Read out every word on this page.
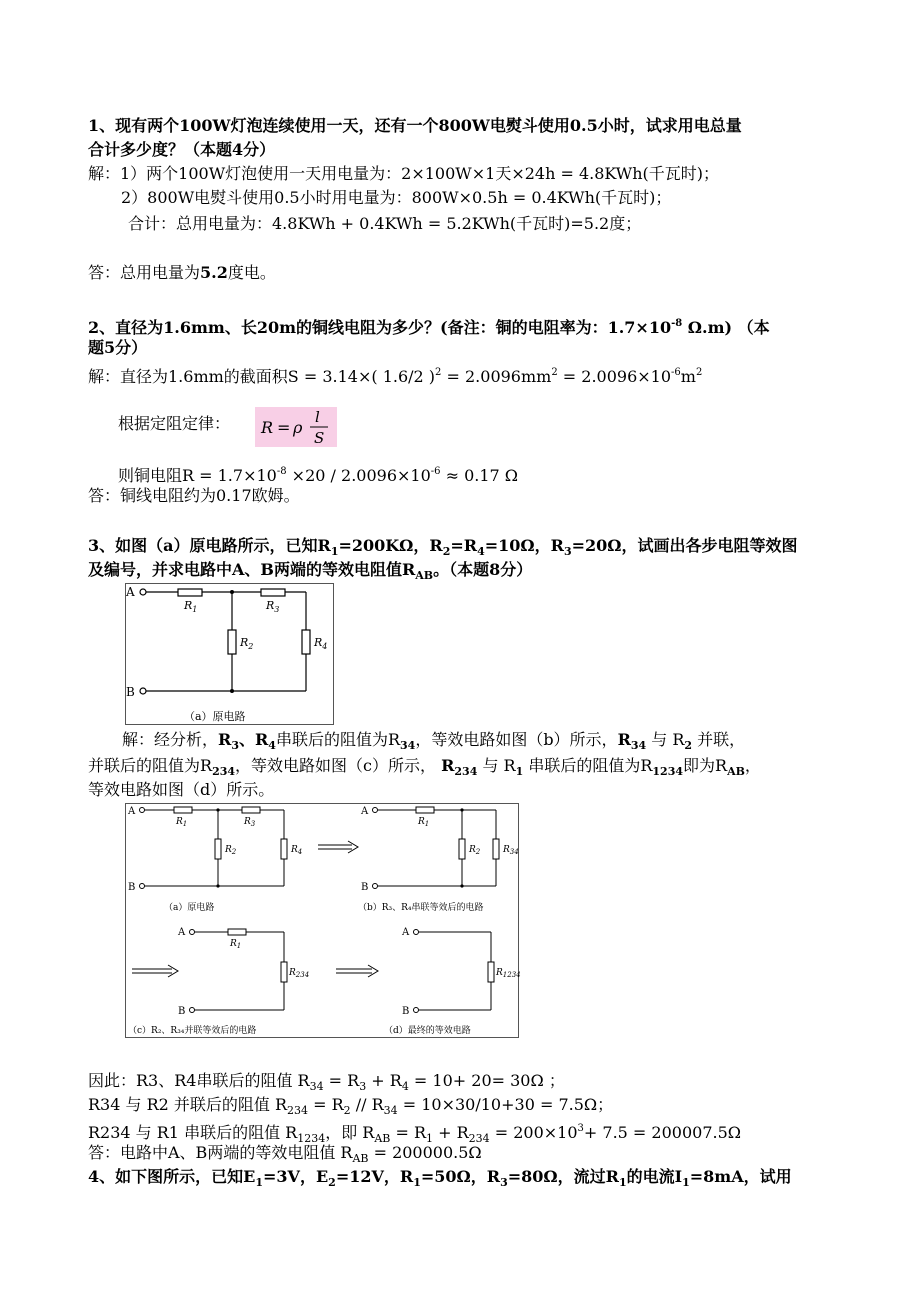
1、现有两个100W灯泡连续使用一天，还有一个800W电熨斗使用0.5小时，试求用电总量
合计多少度？（本题4分）
解：1）两个100W灯泡使用一天用电量为：2×100W×1天×24h = 4.8KWh(千瓦时)；
2）800W电熨斗使用0.5小时用电量为：800W×0.5h = 0.4KWh(千瓦时)；
合计：总用电量为：4.8KWh + 0.4KWh = 5.2KWh(千瓦时)=5.2度；
答：总用电量为5.2度电。
2、直径为1.6mm、长20m的铜线电阻为多少？(备注：铜的电阻率为：$1.7\times 10^{-8}$ Ω.m) （本
题5分）
解：直径为1.6mm的截面积S = 3.14×( 1.6/2 )$^2 = 2.0096mm^2 = 2.0096\times 10^{-6}m^2$
根据定阻定律： R = ρ
l
S
则铜电阻$R = 1.7\times 10^{-8} \times 20 / 2.0096\times 10^{-6} \approx 0.17$ Ω
答：铜线电阻约为0.17欧姆。
3、如图（a）原电路所示，已知$R_1=200K\Omega$，$R_2=R_4=10\Omega$，$R_3=20\Omega$，试画出各步电阻等效图
及编号，并求电路中A、B两端的等效电阻值$R_{AB}$。（本题8分）
A
B
$R_1$	$R_3$
$R_2$	$R_4$
（a）原电路
解：经分析，$R_3$、$R_4$串联后的阻值为$R_{34}$，等效电路如图（b）所示，$R_{34}$ 与 $R_2$ 并联，
并联后的阻值为$R_{234}$，等效电路如图（c）所示， $R_{234}$ 与 $R_1$ 串联后的阻值为$R_{1234}$即为$R_{AB}$，
等效电路如图（d）所示。
A
B
A
B
A
B
A
B
$R_1$	$R_3$
$R_2$	$R_4$
$R_1$
$R_2$	$R_{34}$
$R_1$
$R_{234}$	$R_{1234}$
（a）原电路	（b）R₃、R₄串联等效后的电路
（c）R₂、R₃₄并联等效后的电路	（d）最终的等效电路
因此：R3、R4串联后的阻值 $R_{34} = R_3 + R_4 = 10+ 20= 30\Omega$ ；
R34 与 R2 并联后的阻值 $R_{234} = R_2 // R_{34} = 10\times 30/10+30 = 7.5\Omega$；
R234 与 R1 串联后的阻值 $R_{1234}$，即 $R_{AB} = R_1 + R_{234} = 200\times 10^3+ 7.5 = 200007.5\Omega$
答：电路中A、B两端的等效电阻值 $R_{AB} = 200000.5\Omega$
4、如下图所示，已知$E_1=3V$，$E_2=12V$，$R_1=50\Omega$，$R_3=80\Omega$，流过$R_1$的电流$I_1=8mA$，试用
